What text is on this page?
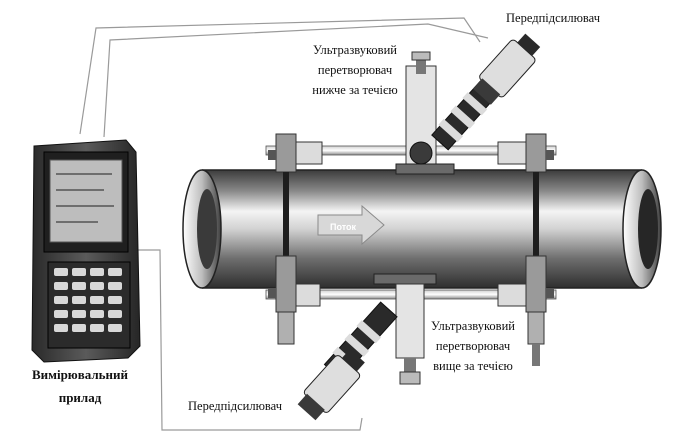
Поток
Передпідсилювач
Ультразвуковий
перетворювач
нижче за течією
Ультразвуковий
перетворювач
вище за течією
Передпідсилювач
Вимірювальний
прилад
